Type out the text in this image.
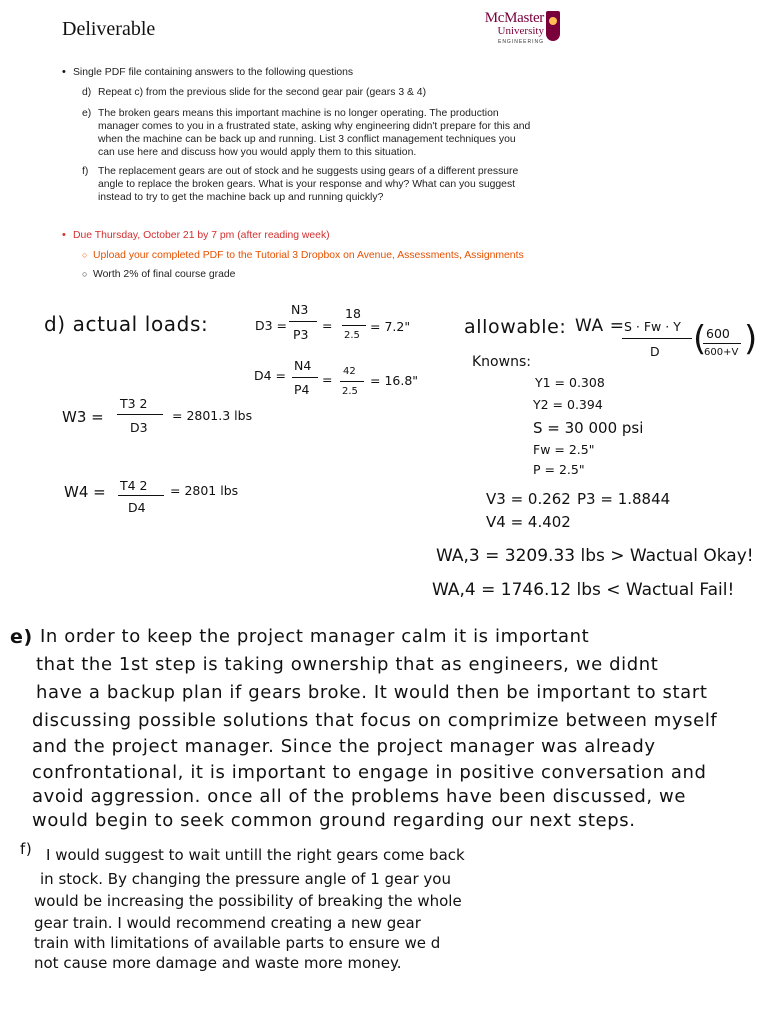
Deliverable	McMaster
University
ENGINEERING
• Single PDF file containing answers to the following questions
d) Repeat c) from the previous slide for the second gear pair (gears 3 & 4)
e) The broken gears means this important machine is no longer operating. The production
manager comes to you in a frustrated state, asking why engineering didn't prepare for this and
when the machine can be back up and running. List 3 conflict management techniques you
can use here and discuss how you would apply them to this situation.
f) The replacement gears are out of stock and he suggests using gears of a different pressure
angle to replace the broken gears. What is your response and why? What can you suggest
instead to try to get the machine back up and running quickly?
• Due Thursday, October 21 by 7 pm (after reading week)
○ Upload your completed PDF to the Tutorial 3 Dropbox on Avenue, Assessments, Assignments
○ Worth 2% of final course grade
d) actual loads:	D3 =
N3
P3
=
18
2.5
= 7.2"
D4 =
N4
P4
=
42
2.5
= 16.8"
W3 =
T3 2
D3
= 2801.3 lbs
W4 = T4 2
D4
= 2801 lbs
allowable: WA = S · Fw · Y
D ( 600
600+V )
Knowns:
Y1 = 0.308
Y2 = 0.394
S = 30 000 psi
Fw = 2.5"
P = 2.5"
V3 = 0.262 P3 = 1.8844
V4 = 4.402
WA,3 = 3209.33 lbs > Wactual Okay!
WA,4 = 1746.12 lbs < Wactual Fail!
e) In order to keep the project manager calm it is important
that the 1st step is taking ownership that as engineers, we didnt
have a backup plan if gears broke. It would then be important to start
discussing possible solutions that focus on comprimize between myself
and the project manager. Since the project manager was already
confrontational, it is important to engage in positive conversation and
avoid aggression. once all of the problems have been discussed, we
would begin to seek common ground regarding our next steps.
f) I would suggest to wait untill the right gears come back
in stock. By changing the pressure angle of 1 gear you
would be increasing the possibility of breaking the whole
gear train. I would recommend creating a new gear
train with limitations of available parts to ensure we d
not cause more damage and waste more money.
